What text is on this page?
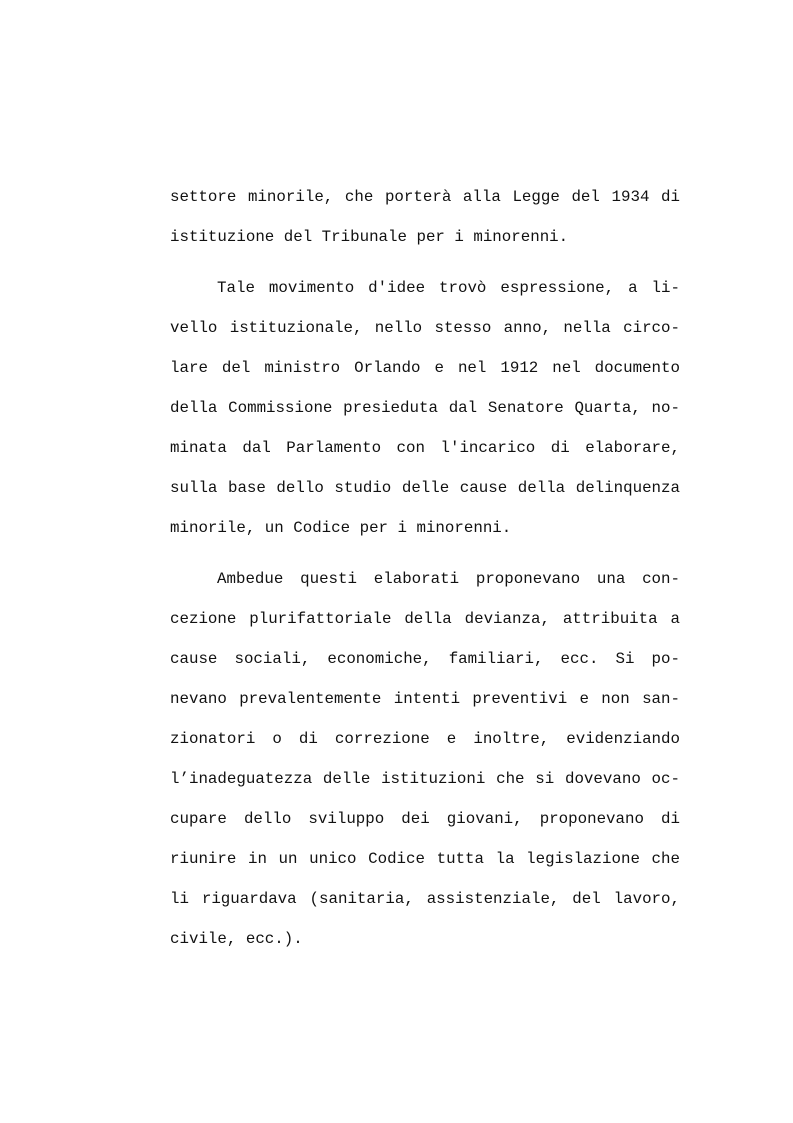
settore minorile, che porterà alla Legge del 1934 di
istituzione del Tribunale per i minorenni.
Tale movimento d'idee trovò espressione, a li-
vello istituzionale, nello stesso anno, nella circo-
lare del ministro Orlando e nel 1912 nel documento
della Commissione presieduta dal Senatore Quarta, no-
minata dal Parlamento con l'incarico di elaborare,
sulla base dello studio delle cause della delinquenza
minorile, un Codice per i minorenni.
Ambedue questi elaborati proponevano una con-
cezione plurifattoriale della devianza, attribuita a
cause sociali, economiche, familiari, ecc. Si po-
nevano prevalentemente intenti preventivi e non san-
zionatori o di correzione e inoltre, evidenziando
l’inadeguatezza delle istituzioni che si dovevano oc-
cupare dello sviluppo dei giovani, proponevano di
riunire in un unico Codice tutta la legislazione che
li riguardava (sanitaria, assistenziale, del lavoro,
civile, ecc.).
